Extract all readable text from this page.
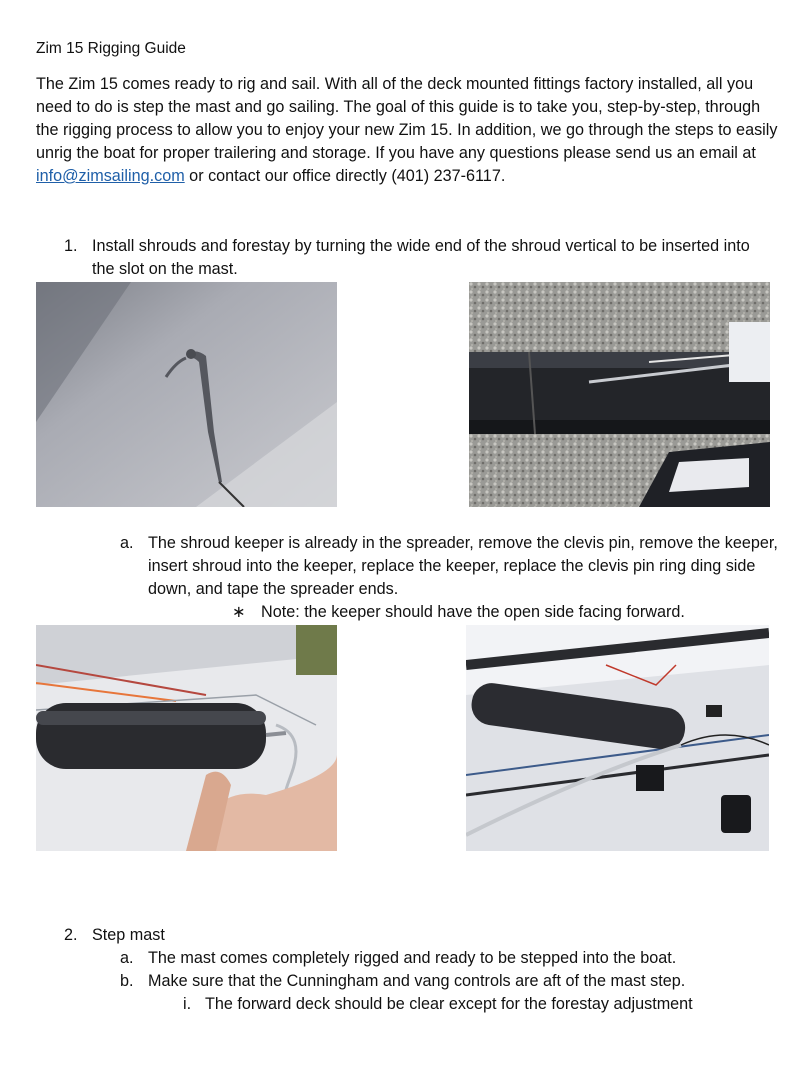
Zim 15 Rigging Guide
The Zim 15 comes ready to rig and sail. With all of the deck mounted fittings factory installed, all you
need to do is step the mast and go sailing. The goal of this guide is to take you, step-by-step, through
the rigging process to allow you to enjoy your new Zim 15. In addition, we go through the steps to easily
unrig the boat for proper trailering and storage. If you have any questions please send us an email at
info@zimsailing.com or contact our office directly (401) 237-6117.
1. Install shrouds and forestay by turning the wide end of the shroud vertical to be inserted into
the slot on the mast.
a. The shroud keeper is already in the spreader, remove the clevis pin, remove the keeper,
insert shroud into the keeper, replace the keeper, replace the clevis pin ring ding side
down, and tape the spreader ends.
∗ Note: the keeper should have the open side facing forward.
2. Step mast
a. The mast comes completely rigged and ready to be stepped into the boat.
b. Make sure that the Cunningham and vang controls are aft of the mast step.
i. The forward deck should be clear except for the forestay adjustment
